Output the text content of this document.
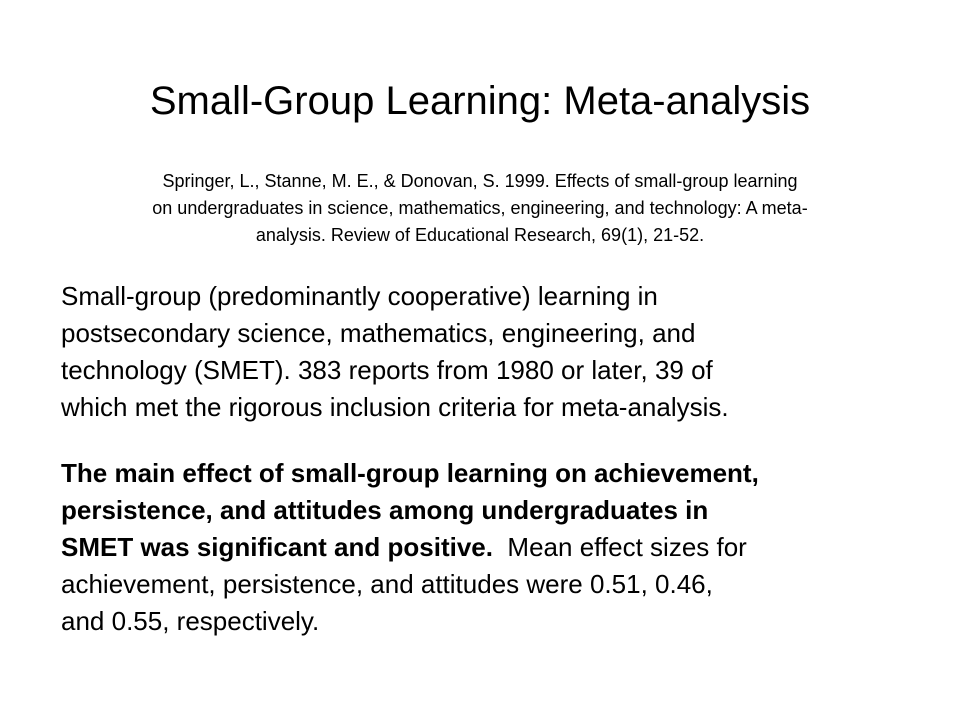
Small-Group Learning: Meta-analysis
Springer, L., Stanne, M. E., & Donovan, S. 1999. Effects of small-group learning
on undergraduates in science, mathematics, engineering, and technology: A meta-
analysis. Review of Educational Research, 69(1), 21-52.
Small-group (predominantly cooperative) learning in
postsecondary science, mathematics, engineering, and
technology (SMET). 383 reports from 1980 or later, 39 of
which met the rigorous inclusion criteria for meta-analysis.
The main effect of small-group learning on achievement,
persistence, and attitudes among undergraduates in
SMET was significant and positive.  Mean effect sizes for
achievement, persistence, and attitudes were 0.51, 0.46,
and 0.55, respectively.
